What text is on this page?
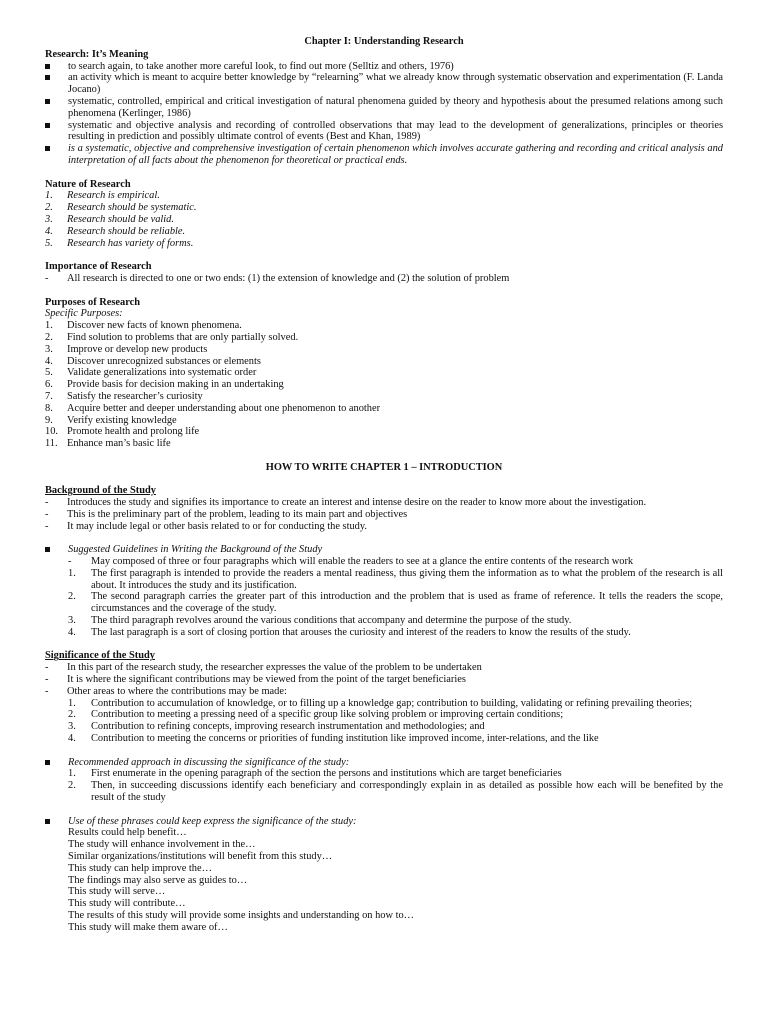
Chapter I: Understanding Research
Research: It’s Meaning
to search again, to take another more careful look, to find out more (Selltiz and others, 1976)
an activity which is meant to acquire better knowledge by “relearning” what we already know through systematic observation and experimentation (F. Landa Jocano)
systematic, controlled, empirical and critical investigation of natural phenomena guided by theory and hypothesis about the presumed relations among such phenomena (Kerlinger, 1986)
systematic and objective analysis and recording of controlled observations that may lead to the development of generalizations, principles or theories resulting in prediction and possibly ultimate control of events (Best and Khan, 1989)
is a systematic, objective and comprehensive investigation of certain phenomenon which involves accurate gathering and recording and critical analysis and interpretation of all facts about the phenomenon for theoretical or practical ends.
Nature of Research
1.	Research is empirical.
2.	Research should be systematic.
3.	Research should be valid.
4.	Research should be reliable.
5.	Research has variety of forms.
Importance of Research
-	All research is directed to one or two ends: (1) the extension of knowledge and (2) the solution of problem
Purposes of Research
Specific Purposes:
1.	Discover new facts of known phenomena.
2.	Find solution to problems that are only partially solved.
3.	Improve or develop new products
4.	Discover unrecognized substances or elements
5.	Validate generalizations into systematic order
6.	Provide basis for decision making in an undertaking
7.	Satisfy the researcher’s curiosity
8.	Acquire better and deeper understanding about one phenomenon to another
9.	Verify existing knowledge
10. Promote health and prolong life
11. Enhance man’s basic life
HOW TO WRITE CHAPTER 1 – INTRODUCTION
Background of the Study
-	Introduces the study and signifies its importance to create an interest and intense desire on the reader to know more about the investigation.
-	This is the preliminary part of the problem, leading to its main part and objectives
-	It may include legal or other basis related to or for conducting the study.
Suggested Guidelines in Writing the Background of the Study
-	May composed of three or four paragraphs which will enable the readers to see at a glance the entire contents of the research work
1.	The first paragraph is intended to provide the readers a mental readiness, thus giving them the information as to what the problem of the research is all about. It introduces the study and its justification.
2.	The second paragraph carries the greater part of this introduction and the problem that is used as frame of reference. It tells the readers the scope, circumstances and the coverage of the study.
3.	The third paragraph revolves around the various conditions that accompany and determine the purpose of the study.
4.	The last paragraph is a sort of closing portion that arouses the curiosity and interest of the readers to know the results of the study.
Significance of the Study
-	In this part of the research study, the researcher expresses the value of the problem to be undertaken
-	It is where the significant contributions may be viewed from the point of the target beneficiaries
-	Other areas to where the contributions may be made:
1.	Contribution to accumulation of knowledge, or to filling up a knowledge gap; contribution to building, validating or refining prevailing theories;
2.	Contribution to meeting a pressing need of a specific group like solving problem or improving certain conditions;
3.	Contribution to refining concepts, improving research instrumentation and methodologies; and
4.	Contribution to meeting the concerns or priorities of funding institution like improved income, inter-relations, and the like
Recommended approach in discussing the significance of the study:
1.	First enumerate in the opening paragraph of the section the persons and institutions which are target beneficiaries
2.	Then, in succeeding discussions identify each beneficiary and correspondingly explain in as detailed as possible how each will be benefited by the result of the study
Use of these phrases could keep express the significance of the study:
Results could help benefit…
The study will enhance involvement in the…
Similar organizations/institutions will benefit from this study…
This study can help improve the…
The findings may also serve as guides to…
This study will serve…
This study will contribute…
The results of this study will provide some insights and understanding on how to…
This study will make them aware of…
